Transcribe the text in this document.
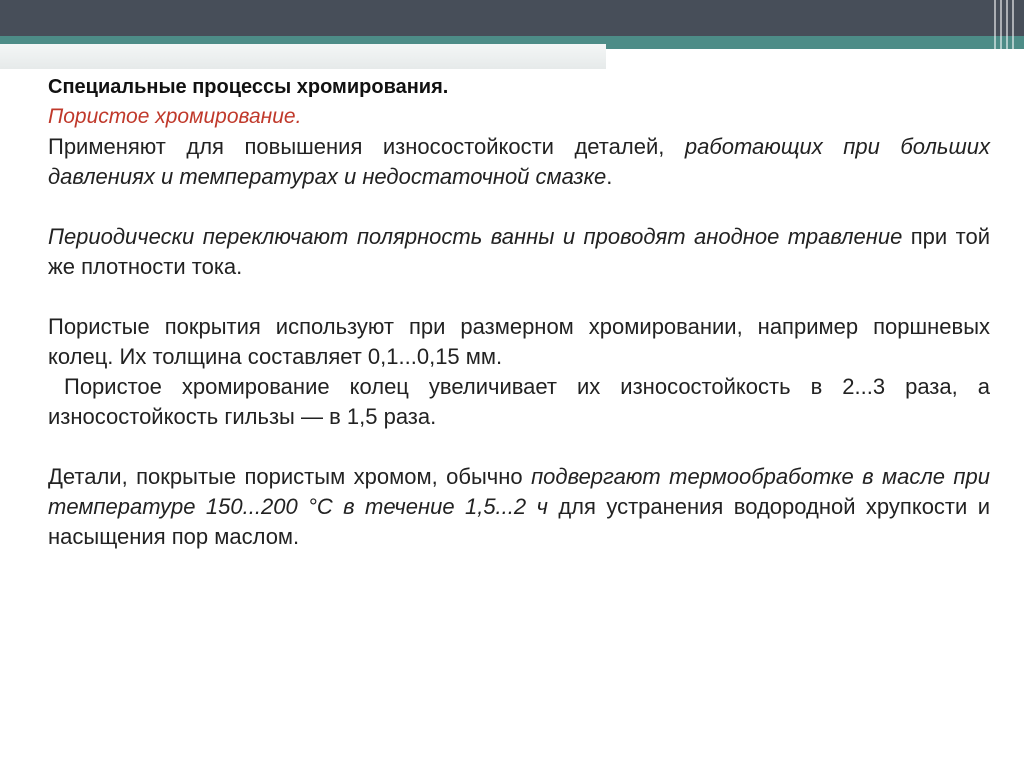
Специальные процессы хромирования.
Пористое хромирование.

Применяют для повышения износостойкости деталей, работающих при больших давлениях и температурах и недостаточной смазке.

Периодически переключают полярность ванны и проводят анодное травление при той же плотности тока.

Пористые покрытия используют при размерном хромировании, например поршневых колец. Их толщина составляет 0,1...0,15 мм.

Пористое хромирование колец увеличивает их износостойкость в 2...3 раза, а износостойкость гильзы — в 1,5 раза.

Детали, покрытые пористым хромом, обычно подвергают термообработке в масле при температуре 150...200 °С в течение 1,5...2 ч для устранения водородной хрупкости и насыщения пор маслом.
